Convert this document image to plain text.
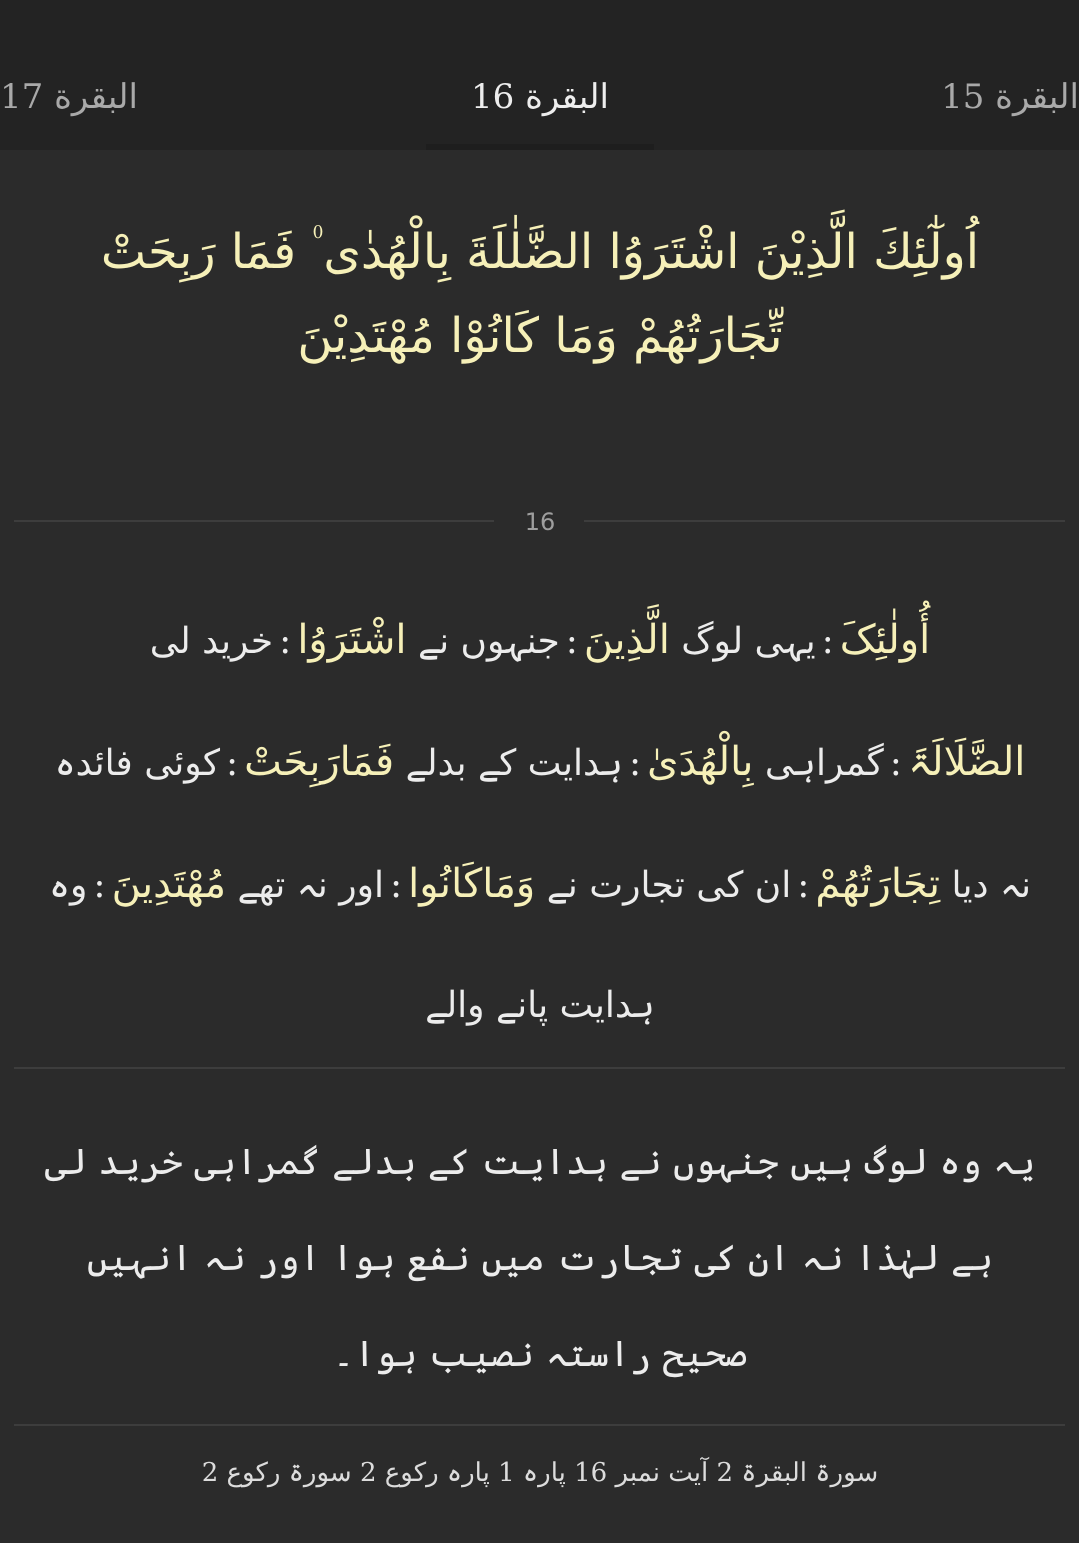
البقرة 17	البقرة 16	البقرة 15
اُولٰٓئِكَ الَّذِيْنَ اشْتَرَوُا الضَّلٰلَةَ بِالْهُدٰى ۠ فَمَا رَبِحَتْ تِّجَارَتُهُمْ وَمَا كَانُوْا مُهْتَدِيْنَ
16
أُولٰئِکَ:یہی لوگ الَّذِینَ:جنہوں نے اشْتَرَوُا:خرید لی الضَّلَالَۃَ:گمراہی بِالْهُدَیٰ:ہدایت کے بدلے فَمَارَبِحَتْ:کوئی فائدہ نہ دیا تِجَارَتُهُمْ:ان کی تجارت نے وَمَاکَانُوا:اور نہ تھے مُهْتَدِینَ:وہ ہدایت پانے والے
یہ وہ لوگ ہیں جنہوں نے ہدایت کے بدلے گمراہی خرید لی ہے لہٰذا نہ ان کی تجارت میں نفع ہوا اور نہ انہیں صحیح راستہ نصیب ہوا۔
سورۃ البقرۃ 2 آیت نمبر 16 پارہ 1 پارہ رکوع 2 سورۃ رکوع 2
